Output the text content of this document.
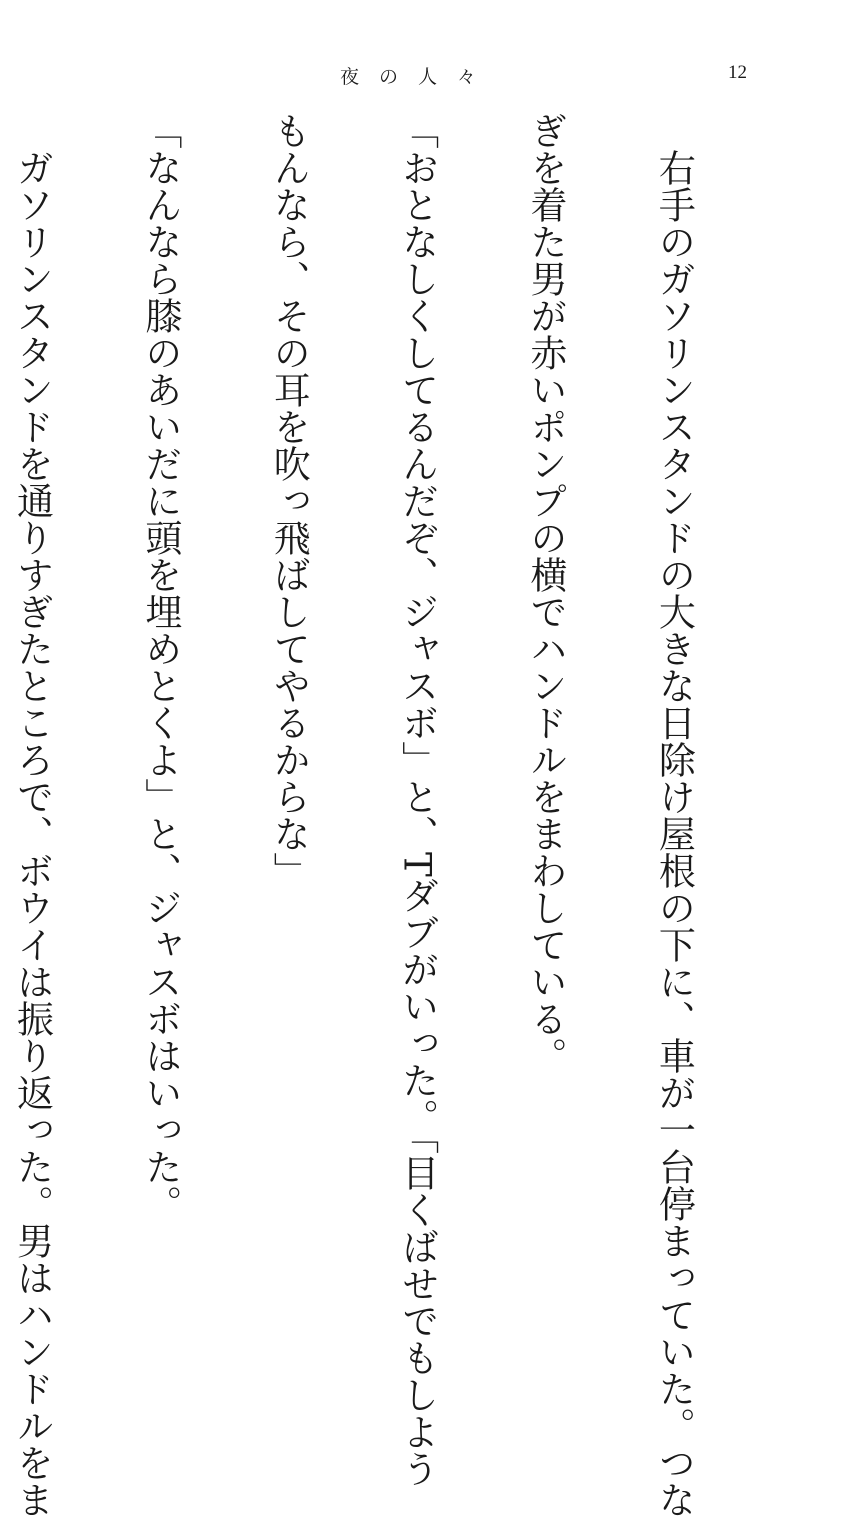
夜の人々	12

　右手のガソリンスタンドの大きな日除け屋根の下に、車が一台停まっていた。つな

ぎを着た男が赤いポンプの横でハンドルをまわしている。

「おとなしくしてるんだぞ、ジャスボ」と、Tダブがいった。「目くばせでもしよう

もんなら、その耳を吹っ飛ばしてやるからな」

「なんなら膝のあいだに頭を埋めとくよ」と、ジャスボはいった。

　ガソリンスタンドを通りすぎたところで、ボウイは振り返った。男はハンドルをま
